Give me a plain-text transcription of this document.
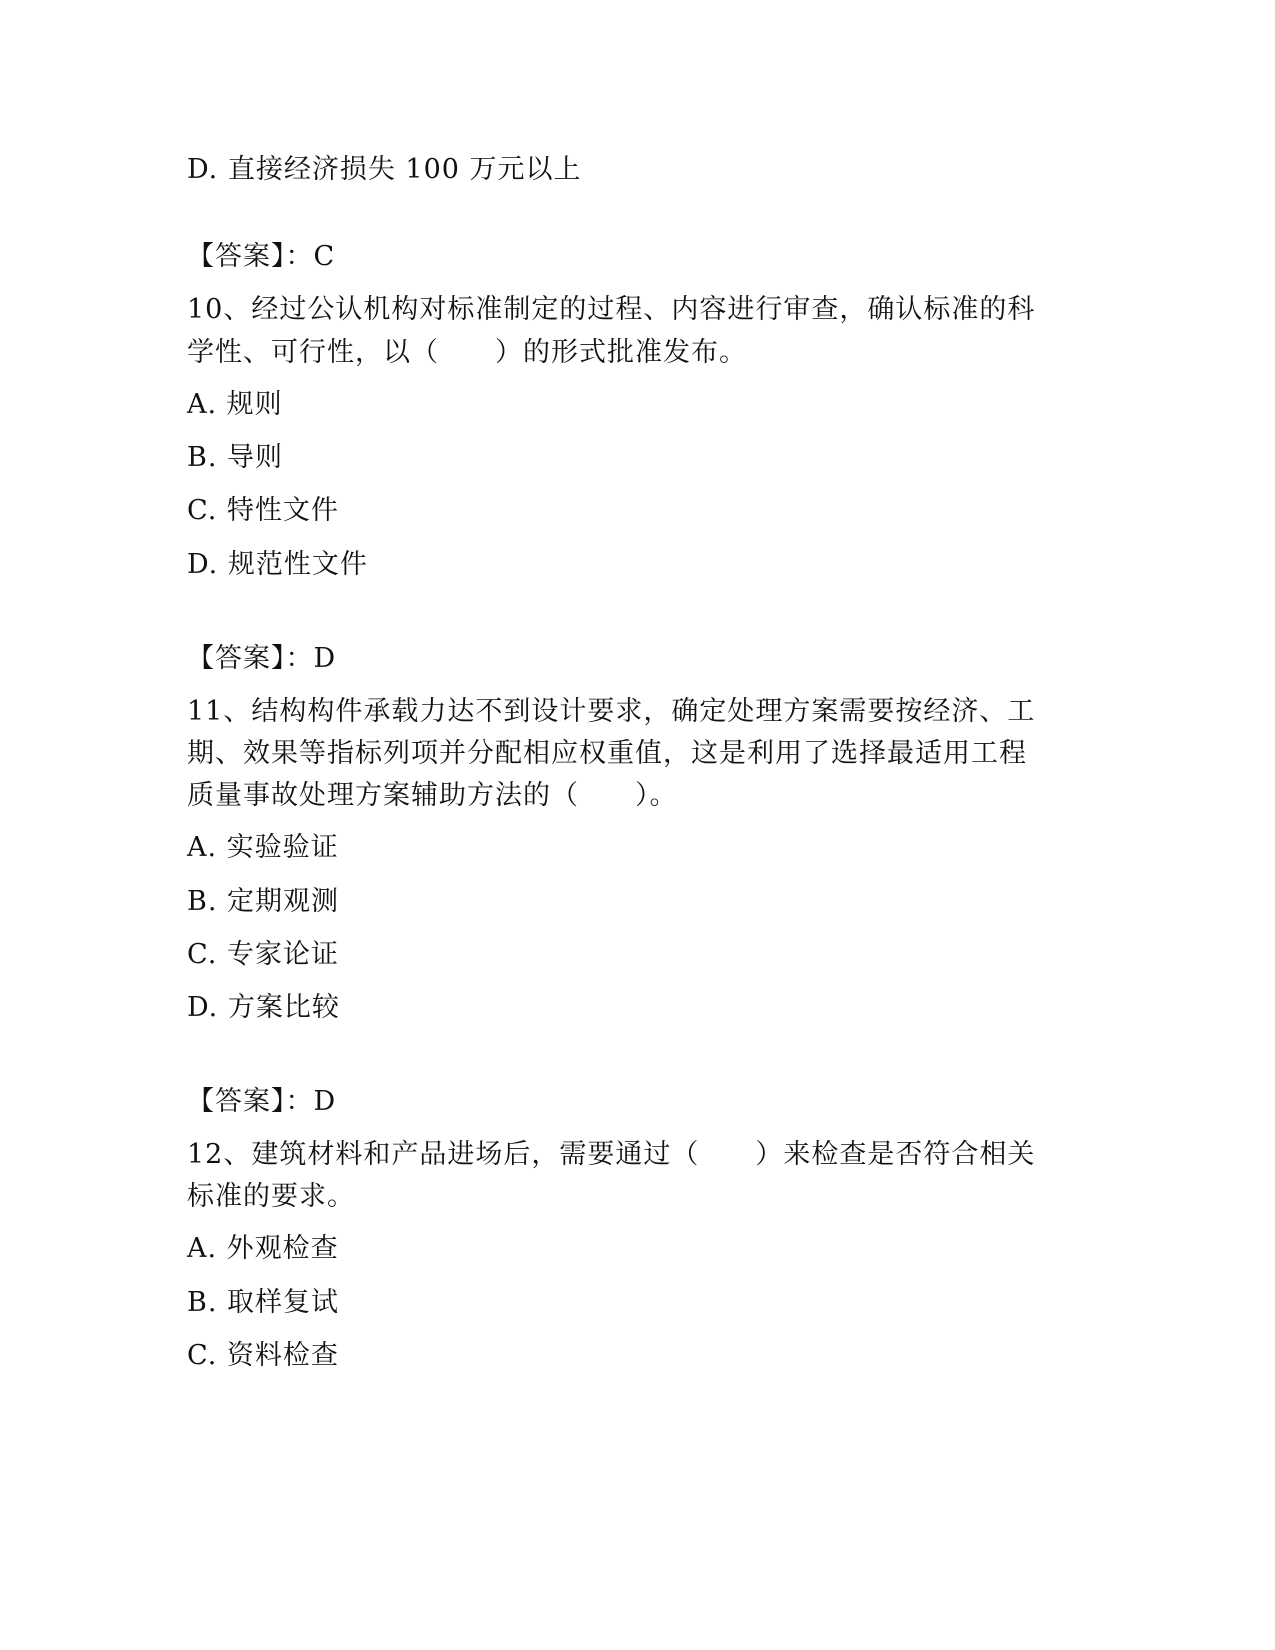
D. 直接经济损失 100 万元以上
【答案】：C
10、经过公认机构对标准制定的过程、内容进行审查，确认标准的科
学性、可行性，以（　　）的形式批准发布。
A. 规则
B. 导则
C. 特性文件
D. 规范性文件
【答案】：D
11、结构构件承载力达不到设计要求，确定处理方案需要按经济、工
期、效果等指标列项并分配相应权重值，这是利用了选择最适用工程
质量事故处理方案辅助方法的（　　）。
A. 实验验证
B. 定期观测
C. 专家论证
D. 方案比较
【答案】：D
12、建筑材料和产品进场后，需要通过（　　）来检查是否符合相关
标准的要求。
A. 外观检查
B. 取样复试
C. 资料检查
